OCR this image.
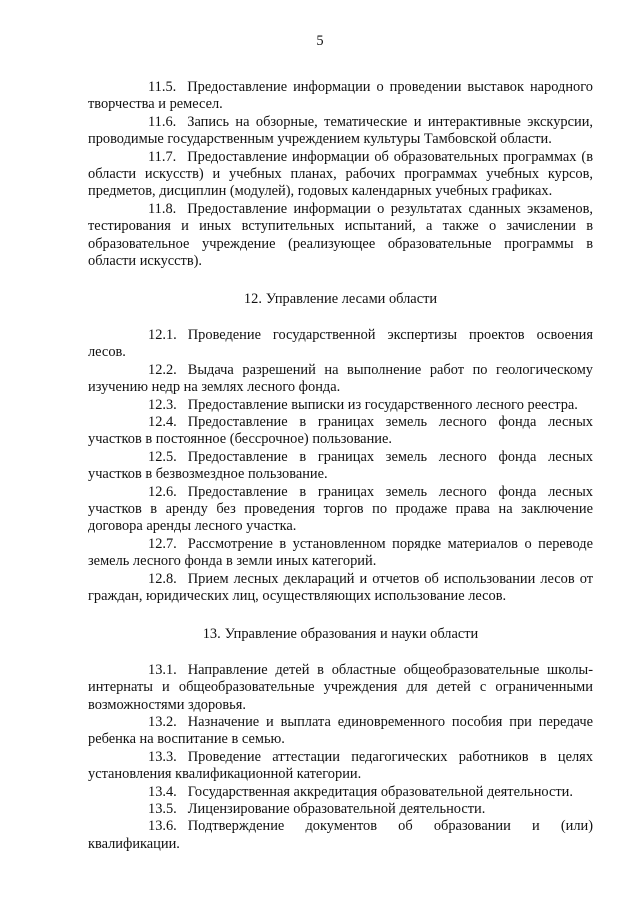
5

11.5. Предоставление информации о проведении выставок народного творчества и ремесел.

11.6. Запись на обзорные, тематические и интерактивные экскурсии, проводимые государственным учреждением культуры Тамбовской области.

11.7. Предоставление информации об образовательных программах (в области искусств) и учебных планах, рабочих программах учебных курсов, предметов, дисциплин (модулей), годовых календарных учебных графиках.

11.8. Предоставление информации о результатах сданных экзаменов, тестирования и иных вступительных испытаний, а также о зачислении в образовательное учреждение (реализующее образовательные программы в области искусств).

12. Управление лесами области

12.1. Проведение государственной экспертизы проектов освоения лесов.

12.2. Выдача разрешений на выполнение работ по геологическому изучению недр на землях лесного фонда.

12.3. Предоставление выписки из государственного лесного реестра.

12.4. Предоставление в границах земель лесного фонда лесных участков в постоянное (бессрочное) пользование.

12.5. Предоставление в границах земель лесного фонда лесных участков в безвозмездное пользование.

12.6. Предоставление в границах земель лесного фонда лесных участков в аренду без проведения торгов по продаже права на заключение договора аренды лесного участка.

12.7. Рассмотрение в установленном порядке материалов о переводе земель лесного фонда в земли иных категорий.

12.8. Прием лесных деклараций и отчетов об использовании лесов от граждан, юридических лиц, осуществляющих использование лесов.

13. Управление образования и науки области

13.1. Направление детей в областные общеобразовательные школы-интернаты и общеобразовательные учреждения для детей с ограниченными возможностями здоровья.

13.2. Назначение и выплата единовременного пособия при передаче ребенка на воспитание в семью.

13.3. Проведение аттестации педагогических работников в целях установления квалификационной категории.

13.4. Государственная аккредитация образовательной деятельности.

13.5. Лицензирование образовательной деятельности.

13.6. Подтверждение документов об образовании и (или) квалификации.
